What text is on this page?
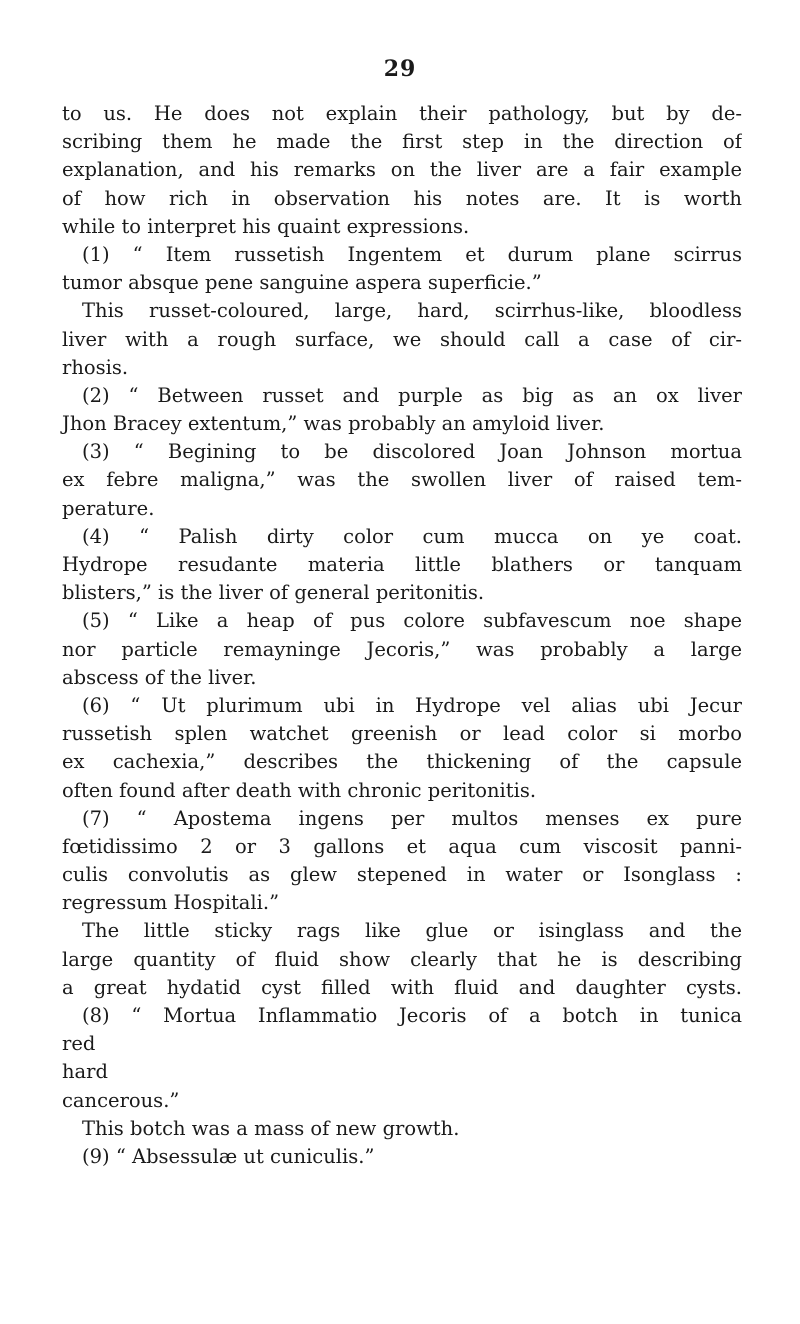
29
to us. He does not explain their pathology, but by de-
scribing them he made the first step in the direction of
explanation, and his remarks on the liver are a fair example
of how rich in observation his notes are. It is worth
while to interpret his quaint expressions.
(1) “ Item russetish Ingentem et durum plane scirrus
tumor absque pene sanguine aspera superficie.”
This russet-coloured, large, hard, scirrhus-like, bloodless
liver with a rough surface, we should call a case of cir-
rhosis.
(2) “ Between russet and purple as big as an ox liver
Jhon Bracey extentum,” was probably an amyloid liver.
(3) “ Begining to be discolored Joan Johnson mortua
ex febre maligna,” was the swollen liver of raised tem-
perature.
(4) “ Palish dirty color cum mucca on ye coat.
Hydrope resudante materia little blathers or tanquam
blisters,” is the liver of general peritonitis.
(5) “ Like a heap of pus colore subfavescum noe shape
nor particle remayninge Jecoris,” was probably a large
abscess of the liver.
(6) “ Ut plurimum ubi in Hydrope vel alias ubi Jecur
russetish splen watchet greenish or lead color si morbo
ex cachexia,” describes the thickening of the capsule
often found after death with chronic peritonitis.
(7) “ Apostema ingens per multos menses ex pure
fœtidissimo 2 or 3 gallons et aqua cum viscosit panni-
culis convolutis as glew stepened in water or Isonglass :
regressum Hospitali.”
The little sticky rags like glue or isinglass and the
large quantity of fluid show clearly that he is describing
a great hydatid cyst filled with fluid and daughter cysts.
(8) “ Mortua Inflammatio Jecoris of a botch in tunica
red
hard
cancerous.”
This botch was a mass of new growth.
(9) “ Absessulæ ut cuniculis.”
